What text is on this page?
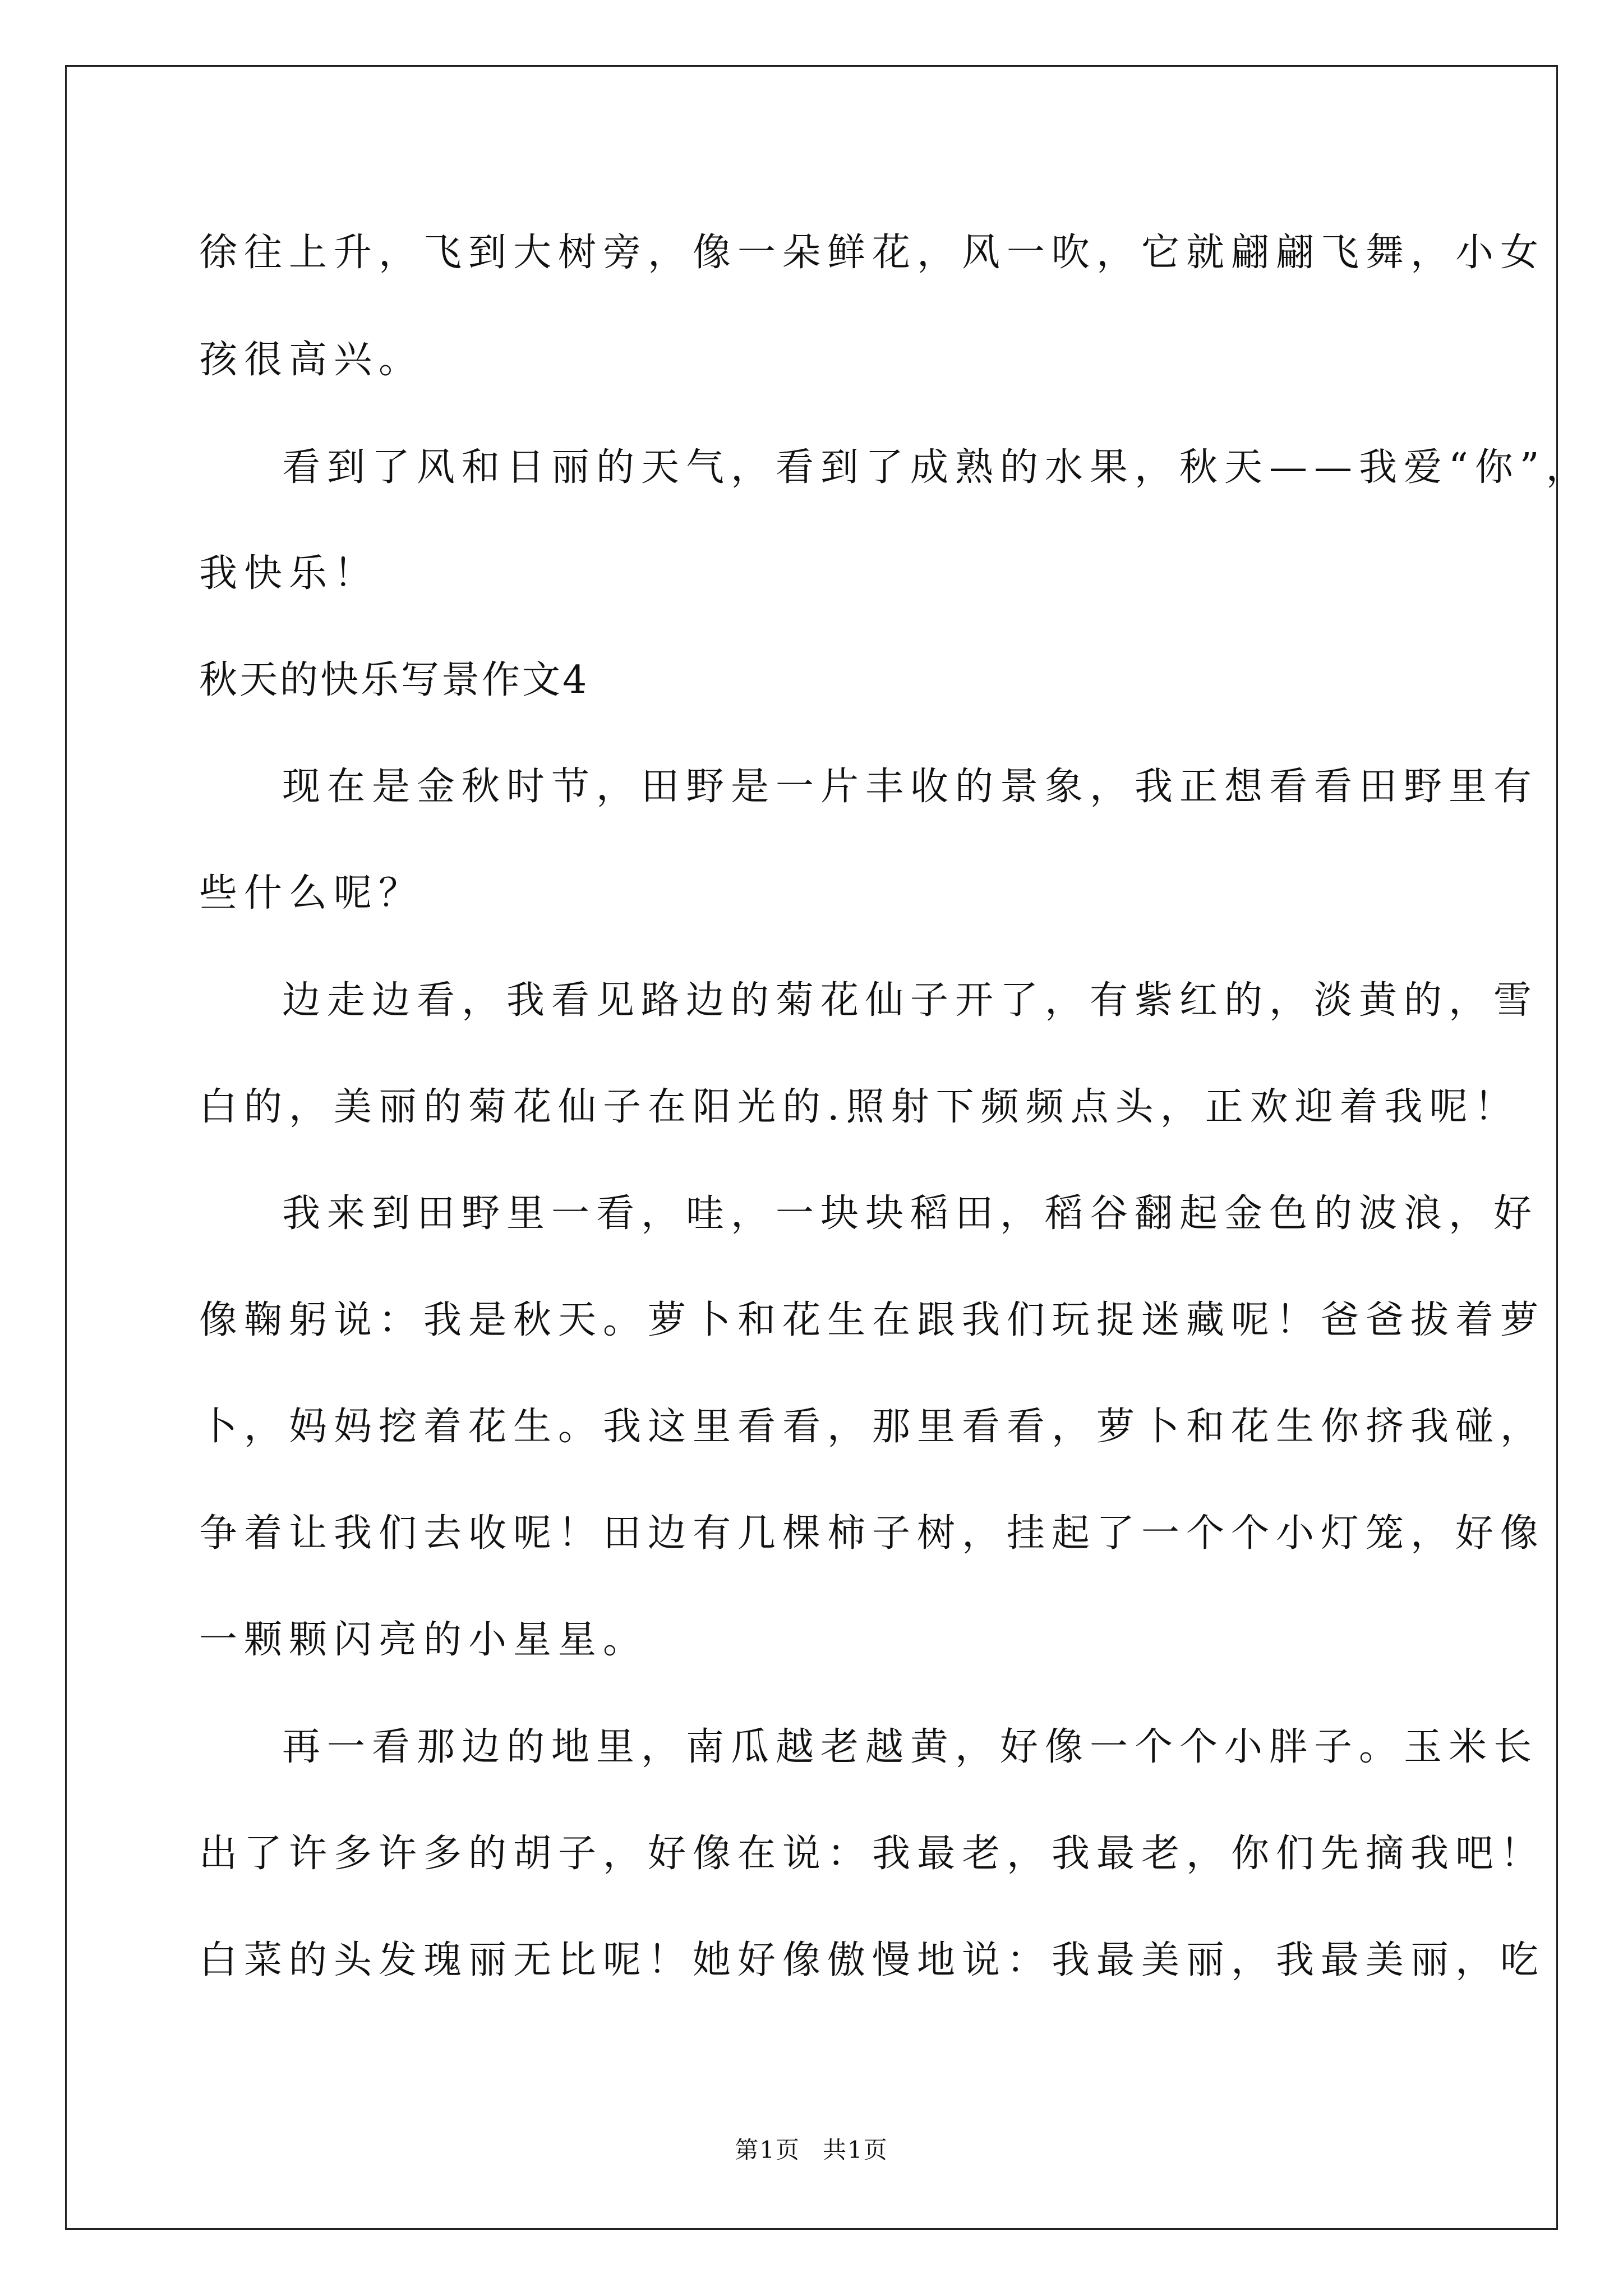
徐往上升，飞到大树旁，像一朵鲜花，风一吹，它就翩翩飞舞，小女
孩很高兴。
看到了风和日丽的天气，看到了成熟的水果，秋天——我爱“你”，
我快乐！
秋天的快乐写景作文4
现在是金秋时节，田野是一片丰收的景象，我正想看看田野里有
些什么呢？
边走边看，我看见路边的菊花仙子开了，有紫红的，淡黄的，雪
白的，美丽的菊花仙子在阳光的.照射下频频点头，正欢迎着我呢！
我来到田野里一看，哇，一块块稻田，稻谷翻起金色的波浪，好
像鞠躬说：我是秋天。萝卜和花生在跟我们玩捉迷藏呢！爸爸拔着萝
卜，妈妈挖着花生。我这里看看，那里看看，萝卜和花生你挤我碰，
争着让我们去收呢！田边有几棵柿子树，挂起了一个个小灯笼，好像
一颗颗闪亮的小星星。
再一看那边的地里，南瓜越老越黄，好像一个个小胖子。玉米长
出了许多许多的胡子，好像在说：我最老，我最老，你们先摘我吧！
白菜的头发瑰丽无比呢！她好像傲慢地说：我最美丽，我最美丽，吃
第1页 共1页
